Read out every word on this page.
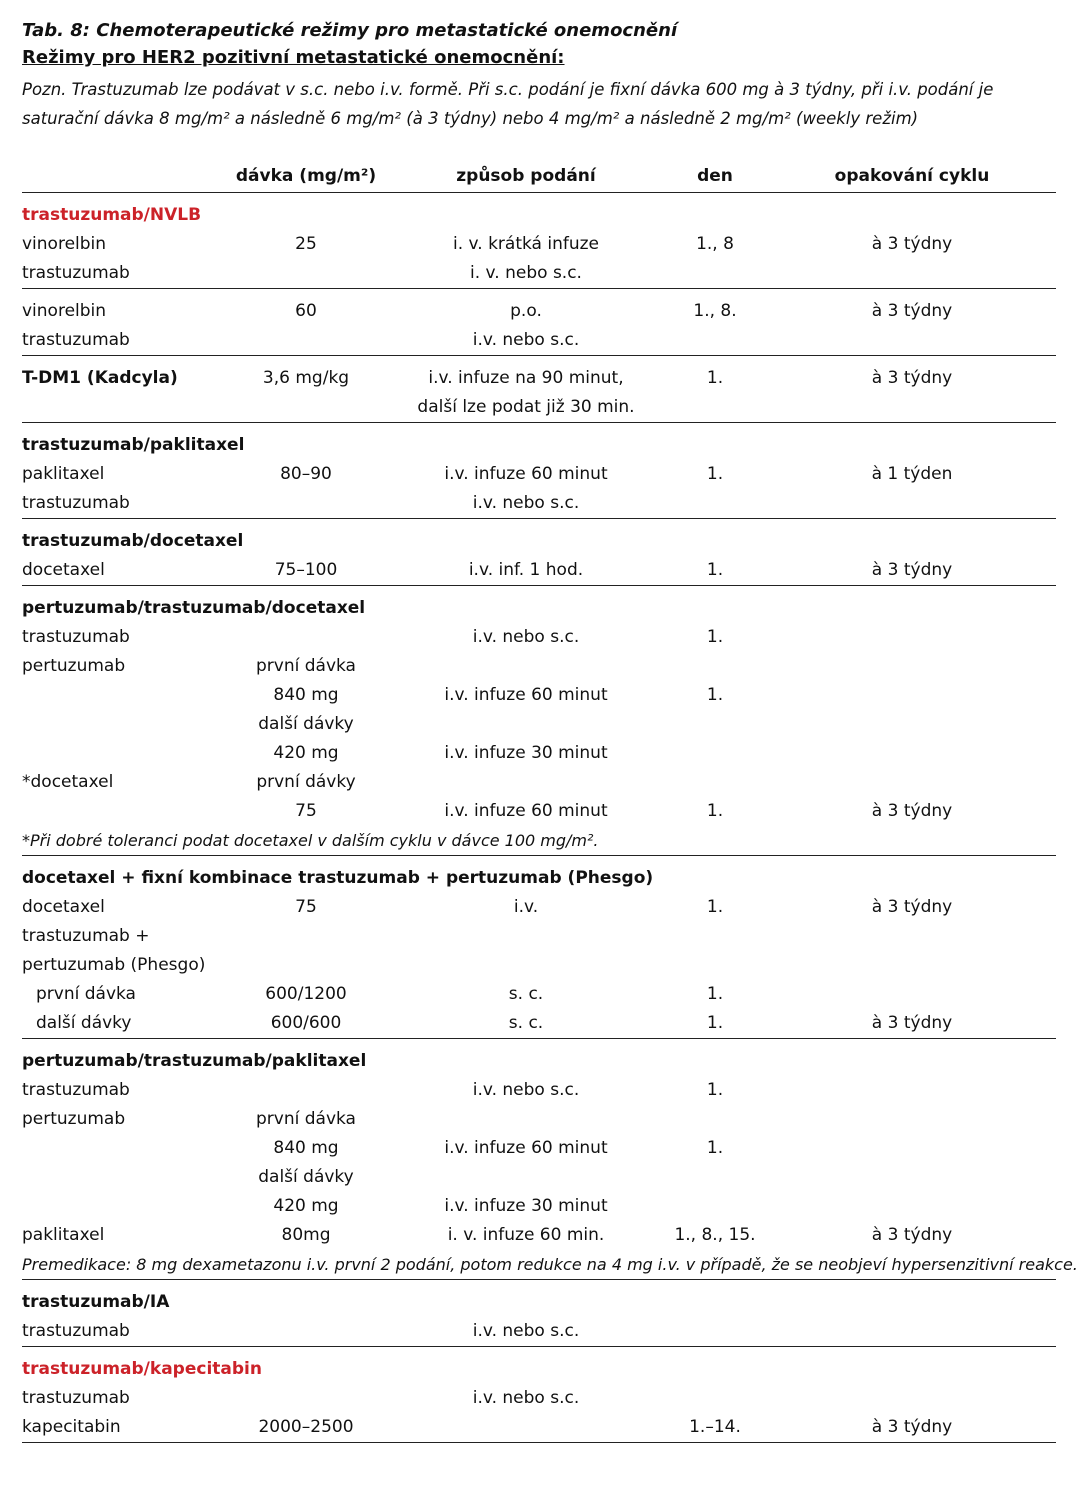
Tab. 8: Chemoterapeutické režimy pro metastatické onemocnění
Režimy pro HER2 pozitivní metastatické onemocnění:
Pozn. Trastuzumab lze podávat v s.c. nebo i.v. formě. Při s.c. podání je fixní dávka 600 mg à 3 týdny, při i.v. podání je saturační dávka 8 mg/m² a následně 6 mg/m² (à 3 týdny) nebo 4 mg/m² a následně 2 mg/m² (weekly režim)
	dávka (mg/m²)	způsob podání	den	opakování cyklu

trastuzumab/NVLB				
vinorelbin	25	i. v. krátká infuze	1., 8	à 3 týdny
trastuzumab		i. v. nebo s.c.		

vinorelbin	60	p.o.	1., 8.	à 3 týdny
trastuzumab		i.v. nebo s.c.		

T-DM1 (Kadcyla)	3,6 mg/kg	i.v. infuze na 90 minut,	1.	à 3 týdny
		další lze podat již 30 min.		

trastuzumab/paklitaxel				
paklitaxel	80–90	i.v. infuze 60 minut	1.	à 1 týden
trastuzumab		i.v. nebo s.c.		

trastuzumab/docetaxel				
docetaxel	75–100	i.v. inf. 1 hod.	1.	à 3 týdny

pertuzumab/trastuzumab/docetaxel				
trastuzumab		i.v. nebo s.c.	1.	
pertuzumab	první dávka			
	840 mg	i.v. infuze 60 minut	1.	
	další dávky			
	420 mg	i.v. infuze 30 minut		
*docetaxel	první dávky			
	75	i.v. infuze 60 minut	1.	à 3 týdny
*Při dobré toleranci podat docetaxel v dalším cyklu v dávce 100 mg/m².				

docetaxel + fixní kombinace trastuzumab + pertuzumab (Phesgo)				
docetaxel	75	i.v.	1.	à 3 týdny
trastuzumab +				
pertuzumab (Phesgo)				
první dávka	600/1200	s. c.	1.	
další dávky	600/600	s. c.	1.	à 3 týdny

pertuzumab/trastuzumab/paklitaxel				
trastuzumab		i.v. nebo s.c.	1.	
pertuzumab	první dávka			
	840 mg	i.v. infuze 60 minut	1.	
	další dávky			
	420 mg	i.v. infuze 30 minut		
paklitaxel	80mg	i. v. infuze 60 min.	1., 8., 15.	à 3 týdny
Premedikace: 8 mg dexametazonu i.v. první 2 podání, potom redukce na 4 mg i.v. v případě, že se neobjeví hypersenzitivní reakce.				

trastuzumab/IA				
trastuzumab		i.v. nebo s.c.		

trastuzumab/kapecitabin				
trastuzumab		i.v. nebo s.c.		
kapecitabin	2000–2500		1.–14.	à 3 týdny
